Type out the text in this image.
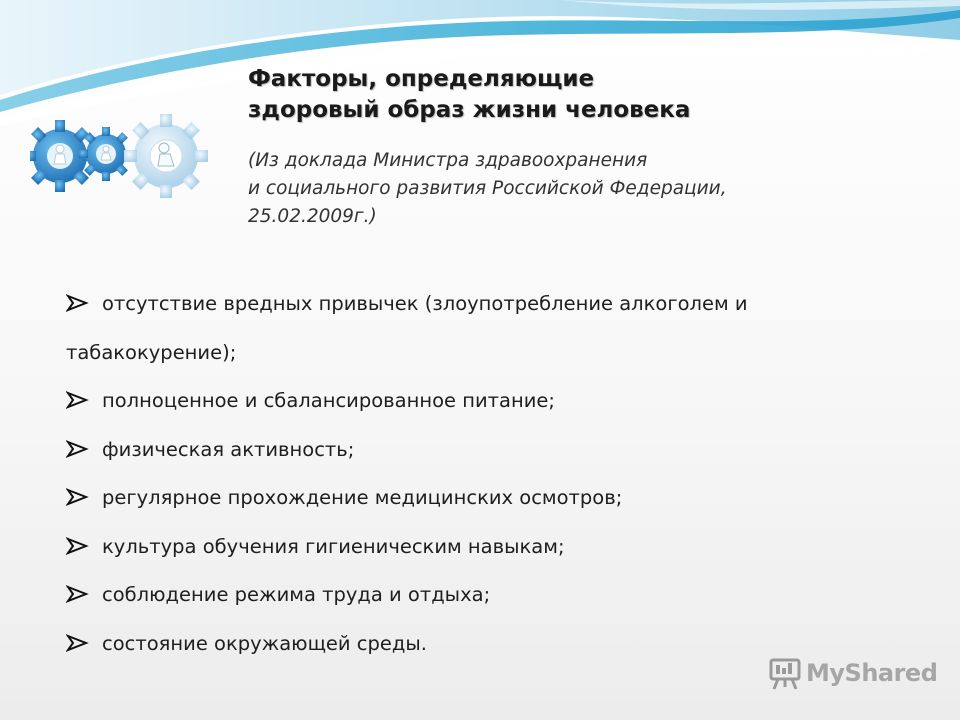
Факторы, определяющие
здоровый образ жизни человека
(Из доклада Министра здравоохранения
и социального развития Российской Федерации,
25.02.2009г.)
отсутствие вредных привычек (злоупотребление алкоголем и
табакокурение);
полноценное и сбалансированное питание;
физическая активность;
регулярное прохождение медицинских осмотров;
культура обучения гигиеническим навыкам;
соблюдение режима труда и отдыха;
состояние окружающей среды.
MyShared
